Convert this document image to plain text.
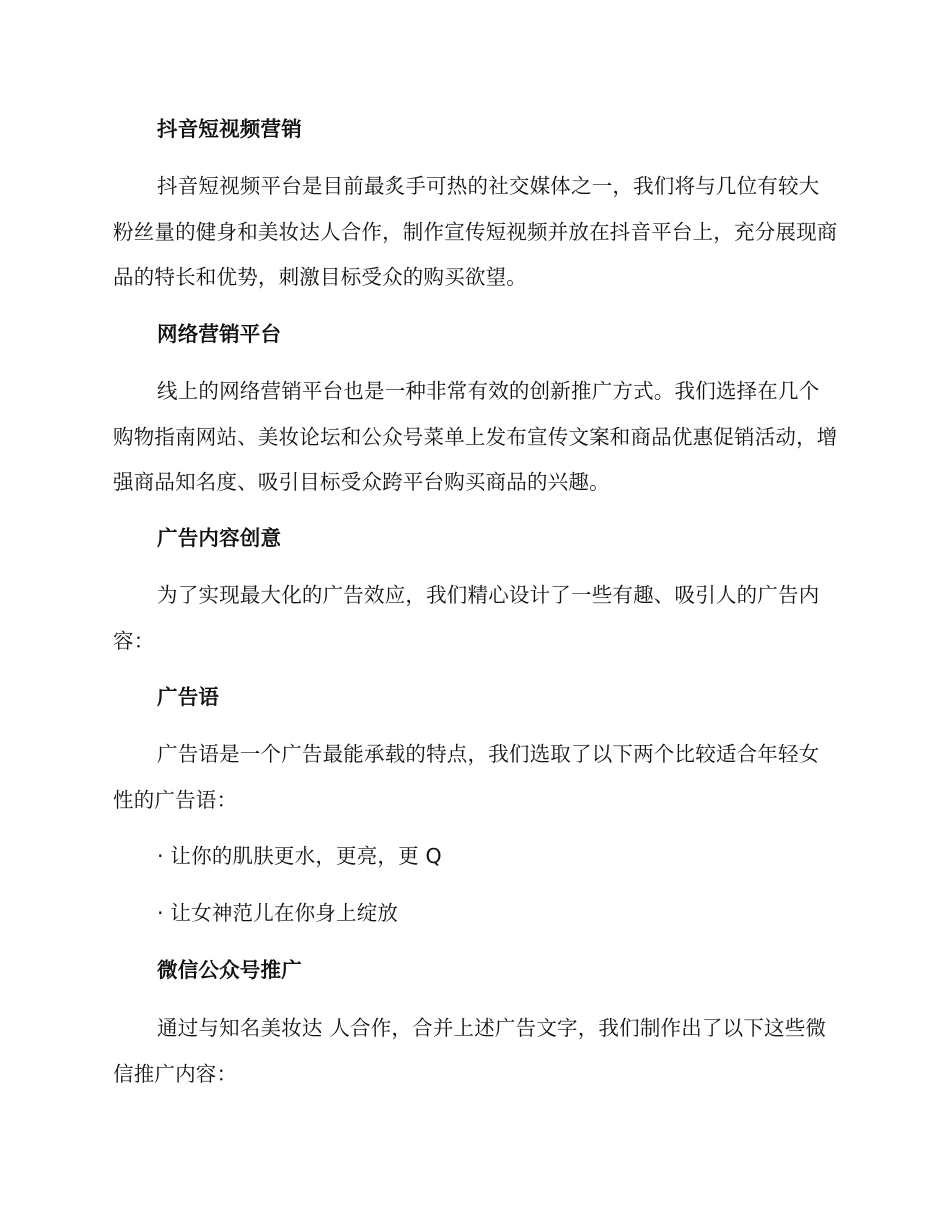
抖音短视频营销

抖音短视频平台是目前最炙手可热的社交媒体之一，我们将与几位有较大粉丝量的健身和美妆达人合作，制作宣传短视频并放在抖音平台上，充分展现商品的特长和优势，刺激目标受众的购买欲望。

网络营销平台

线上的网络营销平台也是一种非常有效的创新推广方式。我们选择在几个购物指南网站、美妆论坛和公众号菜单上发布宣传文案和商品优惠促销活动，增强商品知名度、吸引目标受众跨平台购买商品的兴趣。

广告内容创意

为了实现最大化的广告效应，我们精心设计了一些有趣、吸引人的广告内容：

广告语

广告语是一个广告最能承载的特点，我们选取了以下两个比较适合年轻女性的广告语：

· 让你的肌肤更水，更亮，更 Q

· 让女神范儿在你身上绽放

微信公众号推广

通过与知名美妆达 人合作，合并上述广告文字，我们制作出了以下这些微信推广内容：
